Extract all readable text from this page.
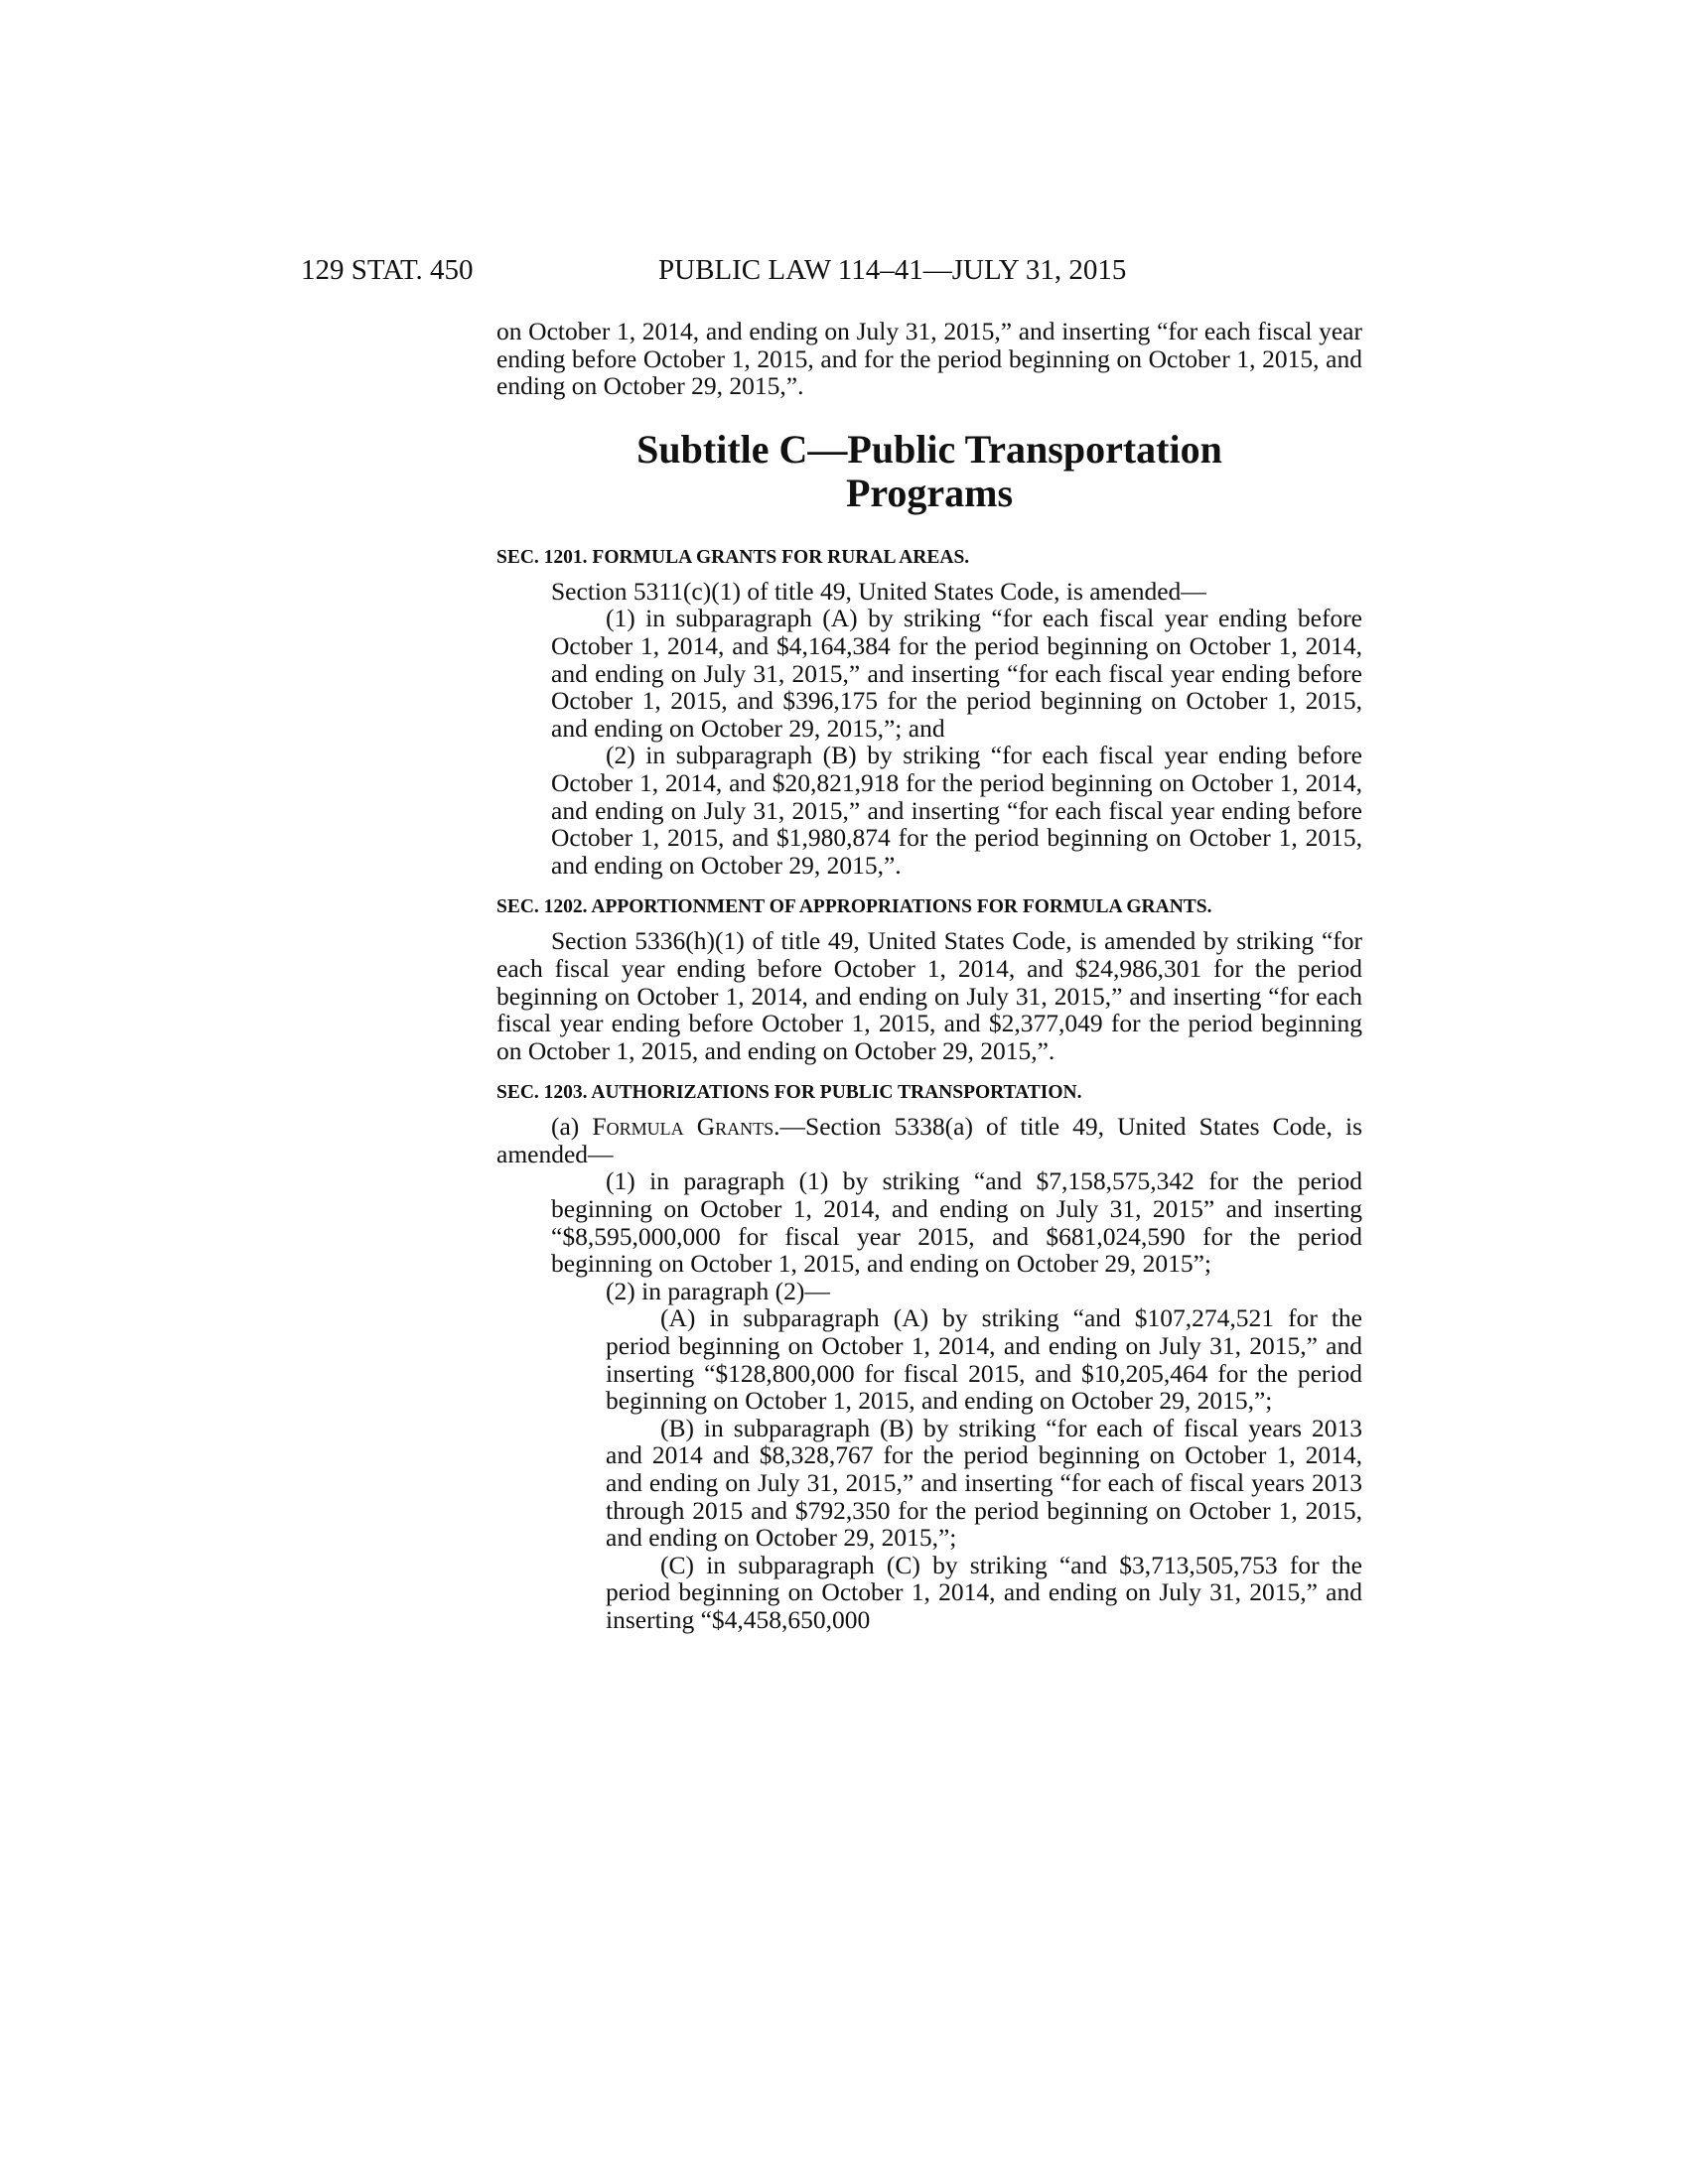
129 STAT. 450	PUBLIC LAW 114–41—JULY 31, 2015

on October 1, 2014, and ending on July 31, 2015,” and inserting “for each fiscal year ending before October 1, 2015, and for the period beginning on October 1, 2015, and ending on October 29, 2015,”.

Subtitle C—Public Transportation
Programs
SEC. 1201. FORMULA GRANTS FOR RURAL AREAS.

Section 5311(c)(1) of title 49, United States Code, is amended—

(1) in subparagraph (A) by striking “for each fiscal year ending before October 1, 2014, and $4,164,384 for the period beginning on October 1, 2014, and ending on July 31, 2015,” and inserting “for each fiscal year ending before October 1, 2015, and $396,175 for the period beginning on October 1, 2015, and ending on October 29, 2015,”; and

(2) in subparagraph (B) by striking “for each fiscal year ending before October 1, 2014, and $20,821,918 for the period beginning on October 1, 2014, and ending on July 31, 2015,” and inserting “for each fiscal year ending before October 1, 2015, and $1,980,874 for the period beginning on October 1, 2015, and ending on October 29, 2015,”.

SEC. 1202. APPORTIONMENT OF APPROPRIATIONS FOR FORMULA GRANTS.

Section 5336(h)(1) of title 49, United States Code, is amended by striking “for each fiscal year ending before October 1, 2014, and $24,986,301 for the period beginning on October 1, 2014, and ending on July 31, 2015,” and inserting “for each fiscal year ending before October 1, 2015, and $2,377,049 for the period beginning on October 1, 2015, and ending on October 29, 2015,”.

SEC. 1203. AUTHORIZATIONS FOR PUBLIC TRANSPORTATION.

(a) Formula Grants.—Section 5338(a) of title 49, United States Code, is amended—

(1) in paragraph (1) by striking “and $7,158,575,342 for the period beginning on October 1, 2014, and ending on July 31, 2015” and inserting “$8,595,000,000 for fiscal year 2015, and $681,024,590 for the period beginning on October 1, 2015, and ending on October 29, 2015”;

(2) in paragraph (2)—

(A) in subparagraph (A) by striking “and $107,274,521 for the period beginning on October 1, 2014, and ending on July 31, 2015,” and inserting “$128,800,000 for fiscal 2015, and $10,205,464 for the period beginning on October 1, 2015, and ending on October 29, 2015,”;

(B) in subparagraph (B) by striking “for each of fiscal years 2013 and 2014 and $8,328,767 for the period beginning on October 1, 2014, and ending on July 31, 2015,” and inserting “for each of fiscal years 2013 through 2015 and $792,350 for the period beginning on October 1, 2015, and ending on October 29, 2015,”;

(C) in subparagraph (C) by striking “and $3,713,505,753 for the period beginning on October 1, 2014, and ending on July 31, 2015,” and inserting “$4,458,650,000
